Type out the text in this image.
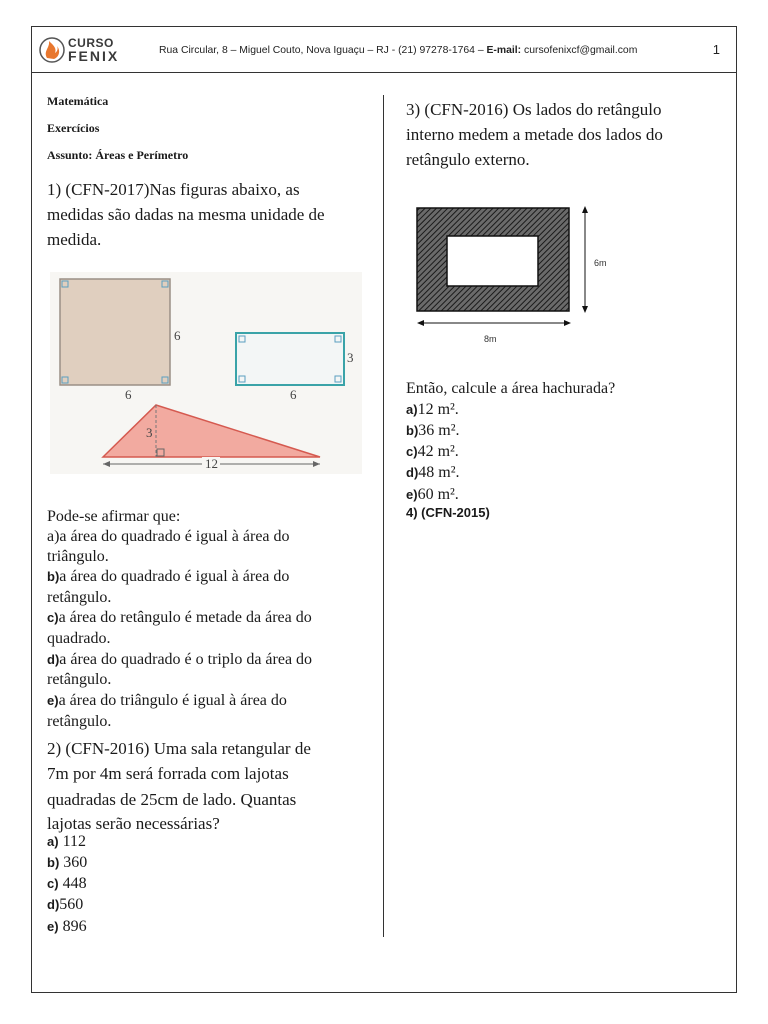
CURSO
FENIX	Rua Circular, 8 – Miguel Couto, Nova Iguaçu – RJ - (21) 97278-1764 – E-mail: cursofenixcf@gmail.com	1
Matemática
Exercícios
Assunto: Áreas e Perímetro
1) (CFN-2017)Nas figuras abaixo, as
medidas são dadas na mesma unidade de
medida.
6
6
3
6
3
12
Pode-se afirmar que:
a)a área do quadrado é igual à área do
triângulo.
b)a área do quadrado é igual à área do
retângulo.
c)a área do retângulo é metade da área do
quadrado.
d)a área do quadrado é o triplo da área do
retângulo.
e)a área do triângulo é igual à área do
retângulo.
2) (CFN-2016) Uma sala retangular de
7m por 4m será forrada com lajotas
quadradas de 25cm de lado. Quantas
lajotas serão necessárias?
a) 112
b) 360
c) 448
d)560
e) 896
3) (CFN-2016) Os lados do retângulo
interno medem a metade dos lados do
retângulo externo.
6m
8m
Então, calcule a área hachurada?
a)12 m².
b)36 m².
c)42 m².
d)48 m².
e)60 m².
4) (CFN-2015)
